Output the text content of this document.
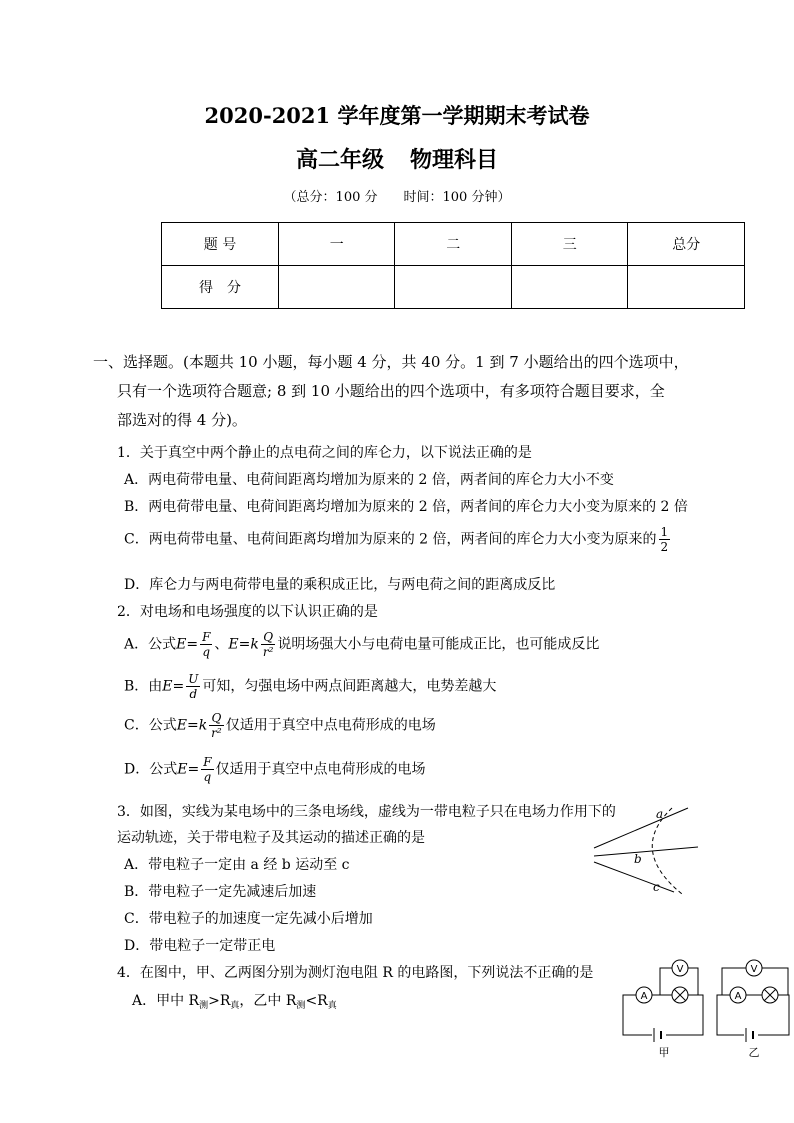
2020-2021 学年度第一学期期末考试卷
高二年级 物理科目
（总分：100 分　　时间：100 分钟）
题 号	一	二	三	总分
得　分				
一、选择题。(本题共 10 小题，每小题 4 分，共 40 分。1 到 7 小题给出的四个选项中，
只有一个选项符合题意; 8 到 10 小题给出的四个选项中，有多项符合题目要求，全
部选对的得 4 分)。
1．关于真空中两个静止的点电荷之间的库仑力，以下说法正确的是
A．两电荷带电量、电荷间距离均增加为原来的 2 倍，两者间的库仑力大小不变
B．两电荷带电量、电荷间距离均增加为原来的 2 倍，两者间的库仑力大小变为原来的 2 倍
C．两电荷带电量、电荷间距离均增加为原来的 2 倍，两者间的库仑力大小变为原来的 $\frac{1}{2}$
D．库仑力与两电荷带电量的乘积成正比，与两电荷之间的距离成反比
2．对电场和电场强度的以下认识正确的是
A．公式$E= \frac{F}{q}$ 、$E=k \frac{Q}{\text{r²}}$ 说明场强大小与电荷电量可能成正比，也可能成反比
B．由$E= \frac{U}{d}$ 可知，匀强电场中两点间距离越大，电势差越大
C．公式$E=k \frac{Q}{\text{r²}}$ 仅适用于真空中点电荷形成的电场
D．公式$E= \frac{F}{q}$ 仅适用于真空中点电荷形成的电场
3．如图，实线为某电场中的三条电场线，虚线为一带电粒子只在电场力作用下的
运动轨迹，关于带电粒子及其运动的描述正确的是
A．带电粒子一定由 a 经 b 运动至 c
B．带电粒子一定先减速后加速
C．带电粒子的加速度一定先减小后增加
D．带电粒子一定带正电
a
b
c
4．在图中，甲、乙两图分别为测灯泡电阻 R 的电路图，下列说法不正确的是
A．甲中 $R_测>R_真$，乙中 $R_测<R_真$
V
A
甲
V
A
乙
